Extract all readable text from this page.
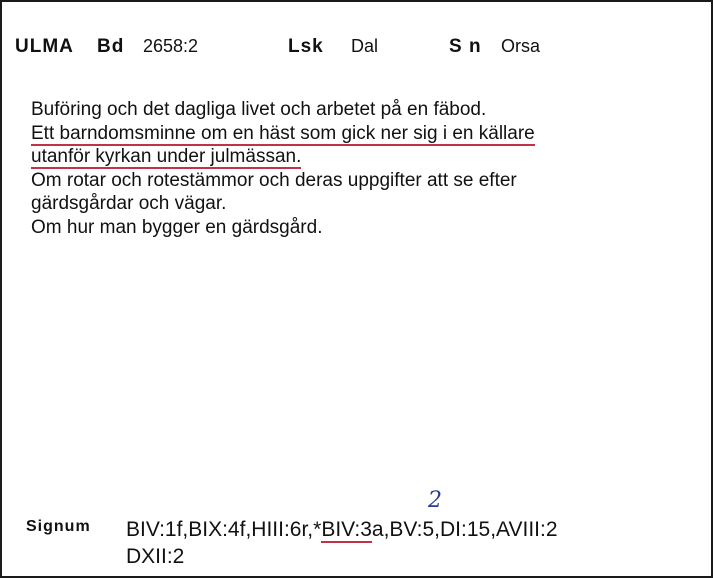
ULMA Bd 2658:2	Lsk Dal	S n Orsa
Buföring och det dagliga livet och arbetet på en fäbod.
Ett barndomsminne om en häst som gick ner sig i en källare
utanför kyrkan under julmässan.
Om rotar och rotestämmor och deras uppgifter att se efter
gärdsgårdar och vägar.
Om hur man bygger en gärdsgård.
Signum BIV:1f,BIX:4f,HIII:6r,*BIV:3a,BV:5,DI:15,AVIII:2
DXII:2
2
